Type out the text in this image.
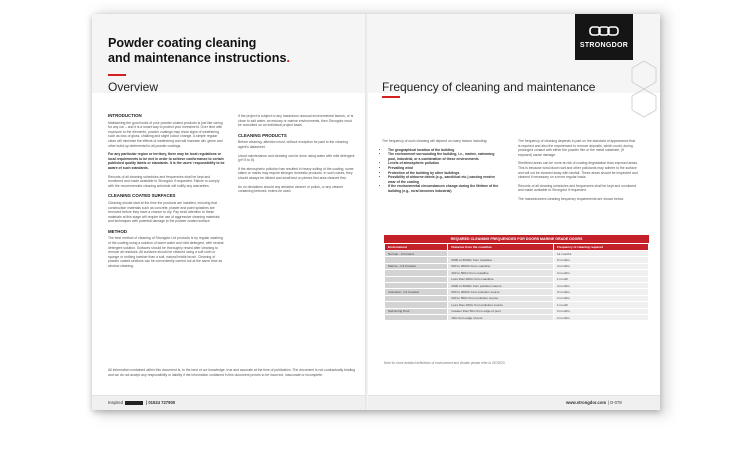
Powder coating cleaning
and maintenance instructions.
Overview
INTRODUCTION

Maintaining the good looks of your powder coated products is just like caring for any car – and it is a smart way to protect your investment. Over time with exposure to the elements, powder coatings may show signs of weathering such as loss of gloss, chalking and slight colour change. A simple regular clean will minimise the effects of weathering and will increase dirt, grime and other build-up detrimental to all powder coatings.

For any particular region or territory, there may be local regulations or local requirements to be met in order to achieve conformance to certain published quality labels or standards. It is the users' responsibility to be aware of such standards.

Records of all cleaning schedules and frequencies shall be kept and monitored and made available to Strongdor if requested. Failure to comply with the recommended cleaning schedule will nullify any warranties.

CLEANING COATED SURFACES

Cleaning should start at the time the products are installed, ensuring that construction materials such as concrete, plaster and paint splashes are removed before they have a chance to dry. Pay strict attention to these materials at this stage will require the use of aggressive cleaning materials and techniques with potential damage to the powder coated surface.

METHOD

The best method of cleaning of Strongdor Ltd products is by regular washing of the coating using a solution of warm water and mild detergent, with neutral detergent solution. Surfaces should be thoroughly rinsed after cleaning to remove all residues. All surfaces should be cleaned using a soft cloth or sponge or nothing harsher than a soft, natural bristle brush. Cleaning of powder coated sections can be conveniently carried out at the same time as window cleaning.

If the project is subject to any hazardous unusual environmental factors, or is close to salt water, an estuary or marine environments, then Strongdor must be consulted on an individual project basis.

CLEANING PRODUCTS

Before cleaning, attention must, without exception be paid to the cleaning agent's datasheet.

Usual maintenance and cleaning can be done using water with mild detergent (pH 5 to 8).

If the atmospheric pollution has resulted in heavy soiling of the coating, some stains or marks may require stronger domestic products. In such cases, they should always be diluted and small test on pieces first area cleaned first.

As no deviations should any abrasive cleaner or polish, or any cleaner containing ketones, esters be used.

All information contained within this document is, to the best of our knowledge, true and accurate at the time of publication. The document is not contractually binding and we do not accept any responsibility or liability if the information contained in this document proves to be incorrect, inaccurate or incomplete.

Inspired	| 01524 727900
Frequency of cleaning and maintenance
STRONGDOR

The frequency of such cleaning will depend on many factors including:

• The geographical location of the building
• The environment surrounding the building, i.e., marine, swimming pool, industrial, or a combination of these environments
• Levels of atmospheric pollution
• Prevailing wind
• Protection of the building by other buildings
• Possibility of airborne debris (e.g., sand/dust etc.) causing erosive wear of the coating
• If the environmental circumstances change during the lifetime of the building (e.g., rural becomes industrial)

The frequency of cleaning depends in part on the standard of appearance that is required and also the requirement to remove deposits, which could, during prolonged contact with either the powder film or the metal substrate, (if exposed) cause damage.

Sheltered areas can be more at risk of coating degradation than exposed areas. This is because wind-blown salt and other pollutants may adhere to the surface and will not be cleaned away with rainfall. These areas should be inspected and cleaned if necessary on a more regular basis.

Records of all cleaning schedules and frequencies shall be kept and monitored and made available to Strongdor if requested.

The manufacturers cleaning frequency requirements are shown below:

REQUIRED CLEANING FREQUENCIES FOR DOORS MARINE GRADE DOORS
Environment	Distance from the coastline	Frequency of cleaning required
Normal - C3 Inland		12 months
	2000 to 5000m from coastline	6 months
Marine - C4 Coastal	500 to 2000m from coastline	4 months
	200 to 500m from coastline	3 months
	Less than 200m from coastline	1 month
	2000 to 5000m from pollution source	4 months
Industrial - C4 Coastal	500 to 2000m from pollution source	3 months
	200 to 500m from pollution source	2 months
	Less than 200m from pollution source	1 month
Swimming Pool	Greater than 50m from edge of pool	3 months
	10m from edge of pool	2 months
Note for more detailed definitions of environment and climate please refer to ISO9223
www.strongdor.com | D-078
